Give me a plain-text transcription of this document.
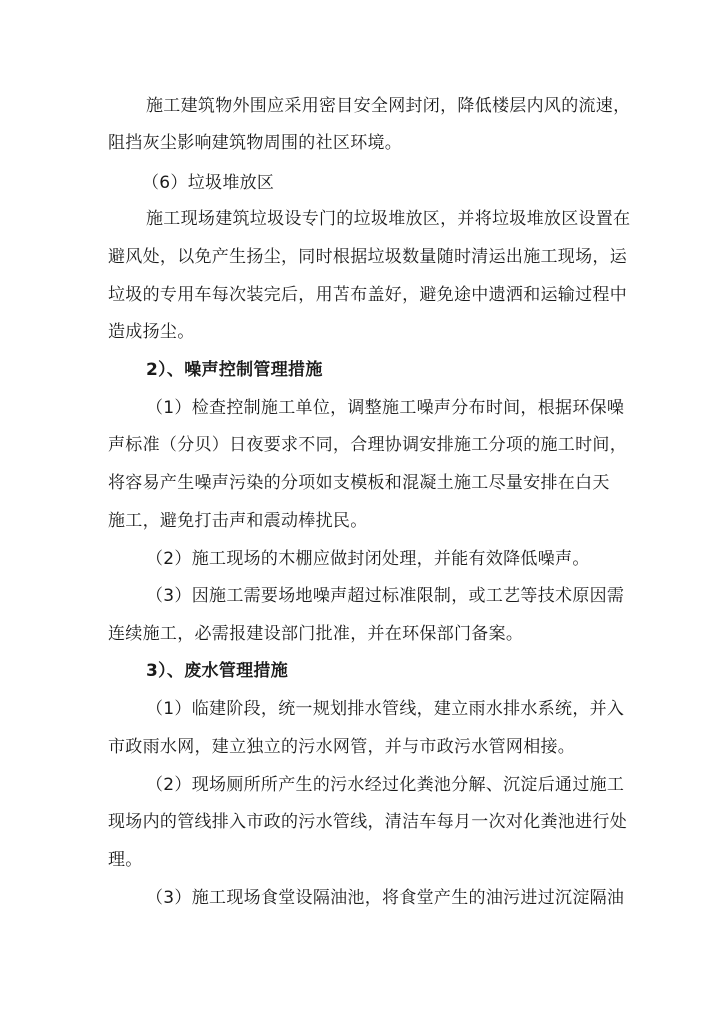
施工建筑物外围应采用密目安全网封闭，降低楼层内风的流速，
阻挡灰尘影响建筑物周围的社区环境。
（6）垃圾堆放区
施工现场建筑垃圾设专门的垃圾堆放区，并将垃圾堆放区设置在
避风处，以免产生扬尘，同时根据垃圾数量随时清运出施工现场，运
垃圾的专用车每次装完后，用苫布盖好，避免途中遗洒和运输过程中
造成扬尘。
2）、噪声控制管理措施
（1）检查控制施工单位，调整施工噪声分布时间，根据环保噪
声标准（分贝）日夜要求不同，合理协调安排施工分项的施工时间，
将容易产生噪声污染的分项如支模板和混凝土施工尽量安排在白天
施工，避免打击声和震动棒扰民。
（2）施工现场的木棚应做封闭处理，并能有效降低噪声。
（3）因施工需要场地噪声超过标准限制，或工艺等技术原因需
连续施工，必需报建设部门批准，并在环保部门备案。
3）、废水管理措施
（1）临建阶段，统一规划排水管线，建立雨水排水系统，并入
市政雨水网，建立独立的污水网管，并与市政污水管网相接。
（2）现场厕所所产生的污水经过化粪池分解、沉淀后通过施工
现场内的管线排入市政的污水管线，清洁车每月一次对化粪池进行处
理。
（3）施工现场食堂设隔油池，将食堂产生的油污进过沉淀隔油
